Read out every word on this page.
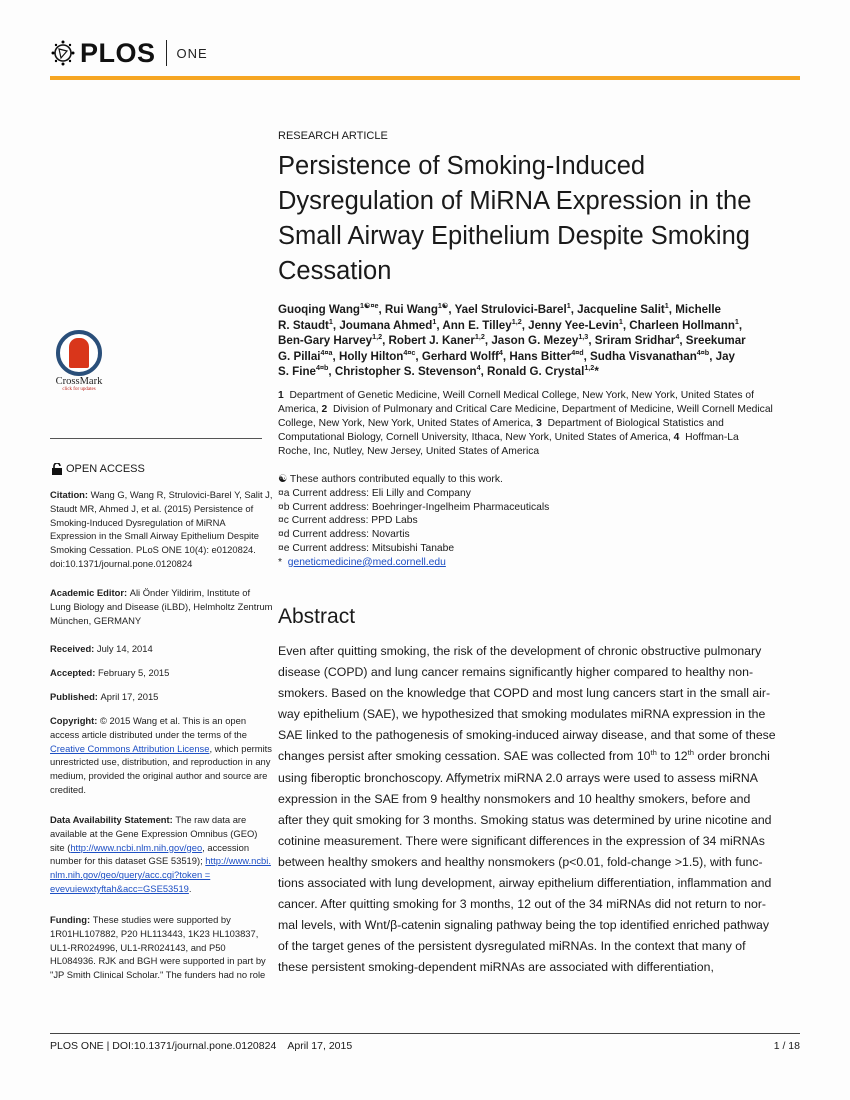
PLOS ONE
CrossMark
click for updates
OPEN ACCESS
Citation: Wang G, Wang R, Strulovici-Barel Y, Salit J,
Staudt MR, Ahmed J, et al. (2015) Persistence of
Smoking-Induced Dysregulation of MiRNA
Expression in the Small Airway Epithelium Despite
Smoking Cessation. PLoS ONE 10(4): e0120824.
doi:10.1371/journal.pone.0120824
Academic Editor: Ali Önder Yildirim, Institute of
Lung Biology and Disease (iLBD), Helmholtz Zentrum
München, GERMANY
Received: July 14, 2014
Accepted: February 5, 2015
Published: April 17, 2015
Copyright: © 2015 Wang et al. This is an open
access article distributed under the terms of the
Creative Commons Attribution License, which permits
unrestricted use, distribution, and reproduction in any
medium, provided the original author and source are
credited.
Data Availability Statement: The raw data are
available at the Gene Expression Omnibus (GEO)
site (http://www.ncbi.nlm.nih.gov/geo, accession
number for this dataset GSE 53519); http://www.ncbi.
nlm.nih.gov/geo/query/acc.cgi?token =
evevuiewxtyftah&acc=GSE53519.
Funding: These studies were supported by
1R01HL107882, P20 HL113443, 1K23 HL103837,
UL1-RR024996, UL1-RR024143, and P50
HL084936. RJK and BGH were supported in part by
"JP Smith Clinical Scholar." The funders had no role
RESEARCH ARTICLE
Persistence of Smoking-Induced
Dysregulation of MiRNA Expression in the
Small Airway Epithelium Despite Smoking
Cessation
Guoqing Wang$^{1☯¤e}$, Rui Wang$^{1☯}$, Yael Strulovici-Barel$^1$, Jacqueline Salit$^1$, Michelle
R. Staudt$^1$, Joumana Ahmed$^1$, Ann E. Tilley$^{1,2}$, Jenny Yee-Levin$^1$, Charleen Hollmann$^1$,
Ben-Gary Harvey$^{1,2}$, Robert J. Kaner$^{1,2}$, Jason G. Mezey$^{1,3}$, Sriram Sridhar$^4$, Sreekumar
G. Pillai$^{4¤a}$, Holly Hilton$^{4¤c}$, Gerhard Wolff$^4$, Hans Bitter$^{4¤d}$, Sudha Visvanathan$^{4¤b}$, Jay
S. Fine$^{4¤b}$, Christopher S. Stevenson$^4$, Ronald G. Crystal$^{1,2}$*
1  Department of Genetic Medicine, Weill Cornell Medical College, New York, New York, United States of
America, 2  Division of Pulmonary and Critical Care Medicine, Department of Medicine, Weill Cornell Medical
College, New York, New York, United States of America, 3  Department of Biological Statistics and
Computational Biology, Cornell University, Ithaca, New York, United States of America, 4  Hoffman-La
Roche, Inc, Nutley, New Jersey, United States of America
☯ These authors contributed equally to this work.
¤a Current address: Eli Lilly and Company
¤b Current address: Boehringer-Ingelheim Pharmaceuticals
¤c Current address: PPD Labs
¤d Current address: Novartis
¤e Current address: Mitsubishi Tanabe
*  geneticmedicine@med.cornell.edu
Abstract
Even after quitting smoking, the risk of the development of chronic obstructive pulmonary
disease (COPD) and lung cancer remains significantly higher compared to healthy non-
smokers. Based on the knowledge that COPD and most lung cancers start in the small air-
way epithelium (SAE), we hypothesized that smoking modulates miRNA expression in the
SAE linked to the pathogenesis of smoking-induced airway disease, and that some of these
changes persist after smoking cessation. SAE was collected from 10th to 12th order bronchi
using fiberoptic bronchoscopy. Affymetrix miRNA 2.0 arrays were used to assess miRNA
expression in the SAE from 9 healthy nonsmokers and 10 healthy smokers, before and
after they quit smoking for 3 months. Smoking status was determined by urine nicotine and
cotinine measurement. There were significant differences in the expression of 34 miRNAs
between healthy smokers and healthy nonsmokers (p<0.01, fold-change >1.5), with func-
tions associated with lung development, airway epithelium differentiation, inflammation and
cancer. After quitting smoking for 3 months, 12 out of the 34 miRNAs did not return to nor-
mal levels, with Wnt/β-catenin signaling pathway being the top identified enriched pathway
of the target genes of the persistent dysregulated miRNAs. In the context that many of
these persistent smoking-dependent miRNAs are associated with differentiation,
PLOS ONE | DOI:10.1371/journal.pone.0120824    April 17, 2015	1 / 18
